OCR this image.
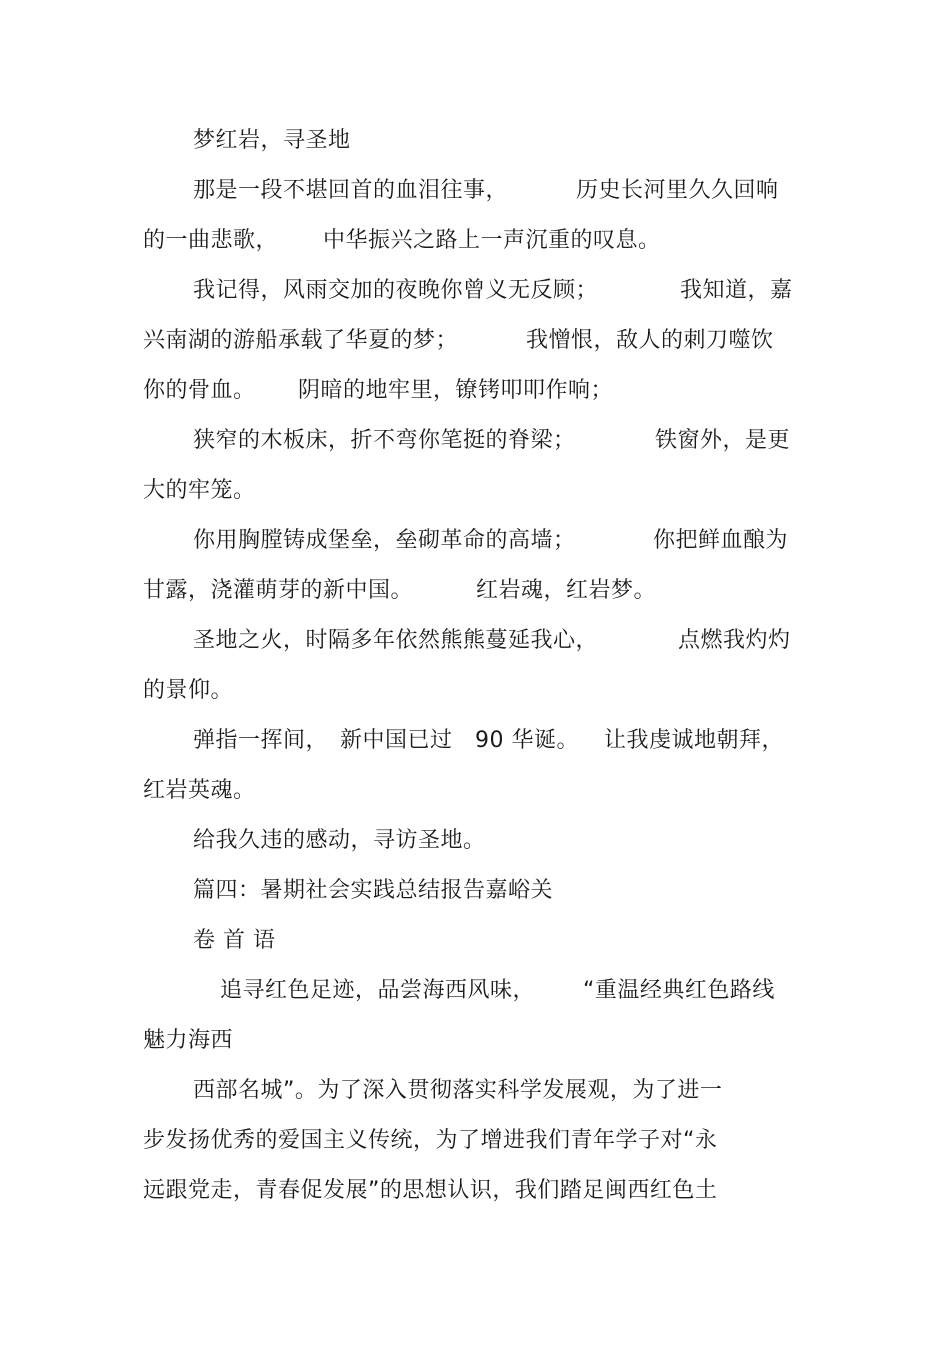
梦红岩，寻圣地
那是一段不堪回首的血泪往事，	历史长河里久久回响
的一曲悲歌， 中华振兴之路上一声沉重的叹息。
我记得，风雨交加的夜晚你曾义无反顾；	我知道，嘉
兴南湖的游船承载了华夏的梦；	我憎恨，敌人的刺刀噬饮
你的骨血。 阴暗的地牢里，镣铐叩叩作响；
狭窄的木板床，折不弯你笔挺的脊梁；	铁窗外，是更
大的牢笼。
你用胸膛铸成堡垒，垒砌革命的高墙；	你把鲜血酿为
甘露，浇灌萌芽的新中国。	红岩魂，红岩梦。
圣地之火，时隔多年依然熊熊蔓延我心，	点燃我灼灼
的景仰。
弹指一挥间， 新中国已过 90 华诞。 让我虔诚地朝拜，
红岩英魂。
给我久违的感动，寻访圣地。
篇四：暑期社会实践总结报告嘉峪关
卷 首 语
追寻红色足迹，品尝海西风味， “重温经典红色路线
魅力海西
西部名城”。为了深入贯彻落实科学发展观，为了进一
步发扬优秀的爱国主义传统，为了增进我们青年学子对“永
远跟党走，青春促发展”的思想认识，我们踏足闽西红色土
